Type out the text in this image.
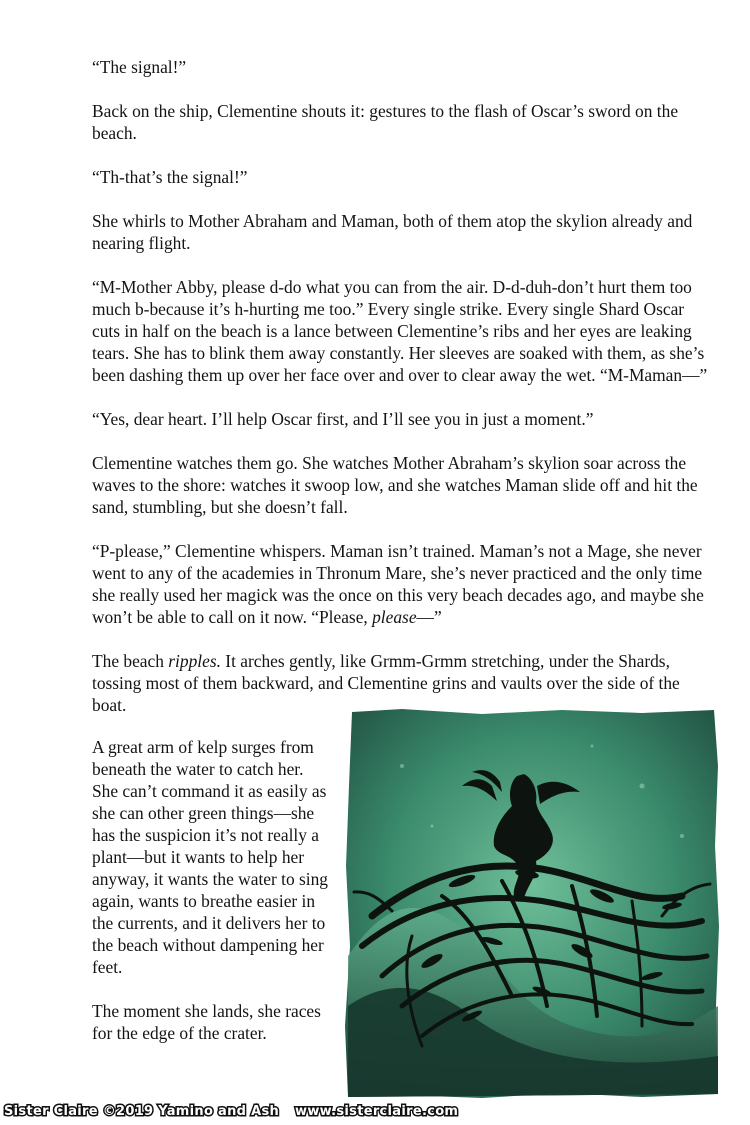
“The signal!”

Back on the ship, Clementine shouts it: gestures to the flash of Oscar’s sword on the beach.

“Th-that’s the signal!”

She whirls to Mother Abraham and Maman, both of them atop the skylion already and nearing flight.

“M-Mother Abby, please d-do what you can from the air. D-d-duh-don’t hurt them too much b-because it’s h-hurting me too.” Every single strike. Every single Shard Oscar cuts in half on the beach is a lance between Clementine’s ribs and her eyes are leaking tears. She has to blink them away constantly. Her sleeves are soaked with them, as she’s been dashing them up over her face over and over to clear away the wet. “M-Maman—”

“Yes, dear heart. I’ll help Oscar first, and I’ll see you in just a moment.”

Clementine watches them go. She watches Mother Abraham’s skylion soar across the waves to the shore: watches it swoop low, and she watches Maman slide off and hit the sand, stumbling, but she doesn’t fall.

“P-please,” Clementine whispers. Maman isn’t trained. Maman’s not a Mage, she never went to any of the academies in Thronum Mare, she’s never practiced and the only time she really used her magick was the once on this very beach decades ago, and maybe she won’t be able to call on it now. “Please, please—”

The beach ripples. It arches gently, like Grmm-Grmm stretching, under the Shards, tossing most of them backward, and Clementine grins and vaults over the side of the boat.

A great arm of kelp surges from beneath the water to catch her. She can’t command it as easily as she can other green things—she has the suspicion it’s not really a plant—but it wants to help her anyway, it wants the water to sing again, wants to breathe easier in the currents, and it delivers her to the beach without dampening her feet.

The moment she lands, she races for the edge of the crater.

Sister Claire ©2019 Yamino and Ash www.sisterclaire.com
